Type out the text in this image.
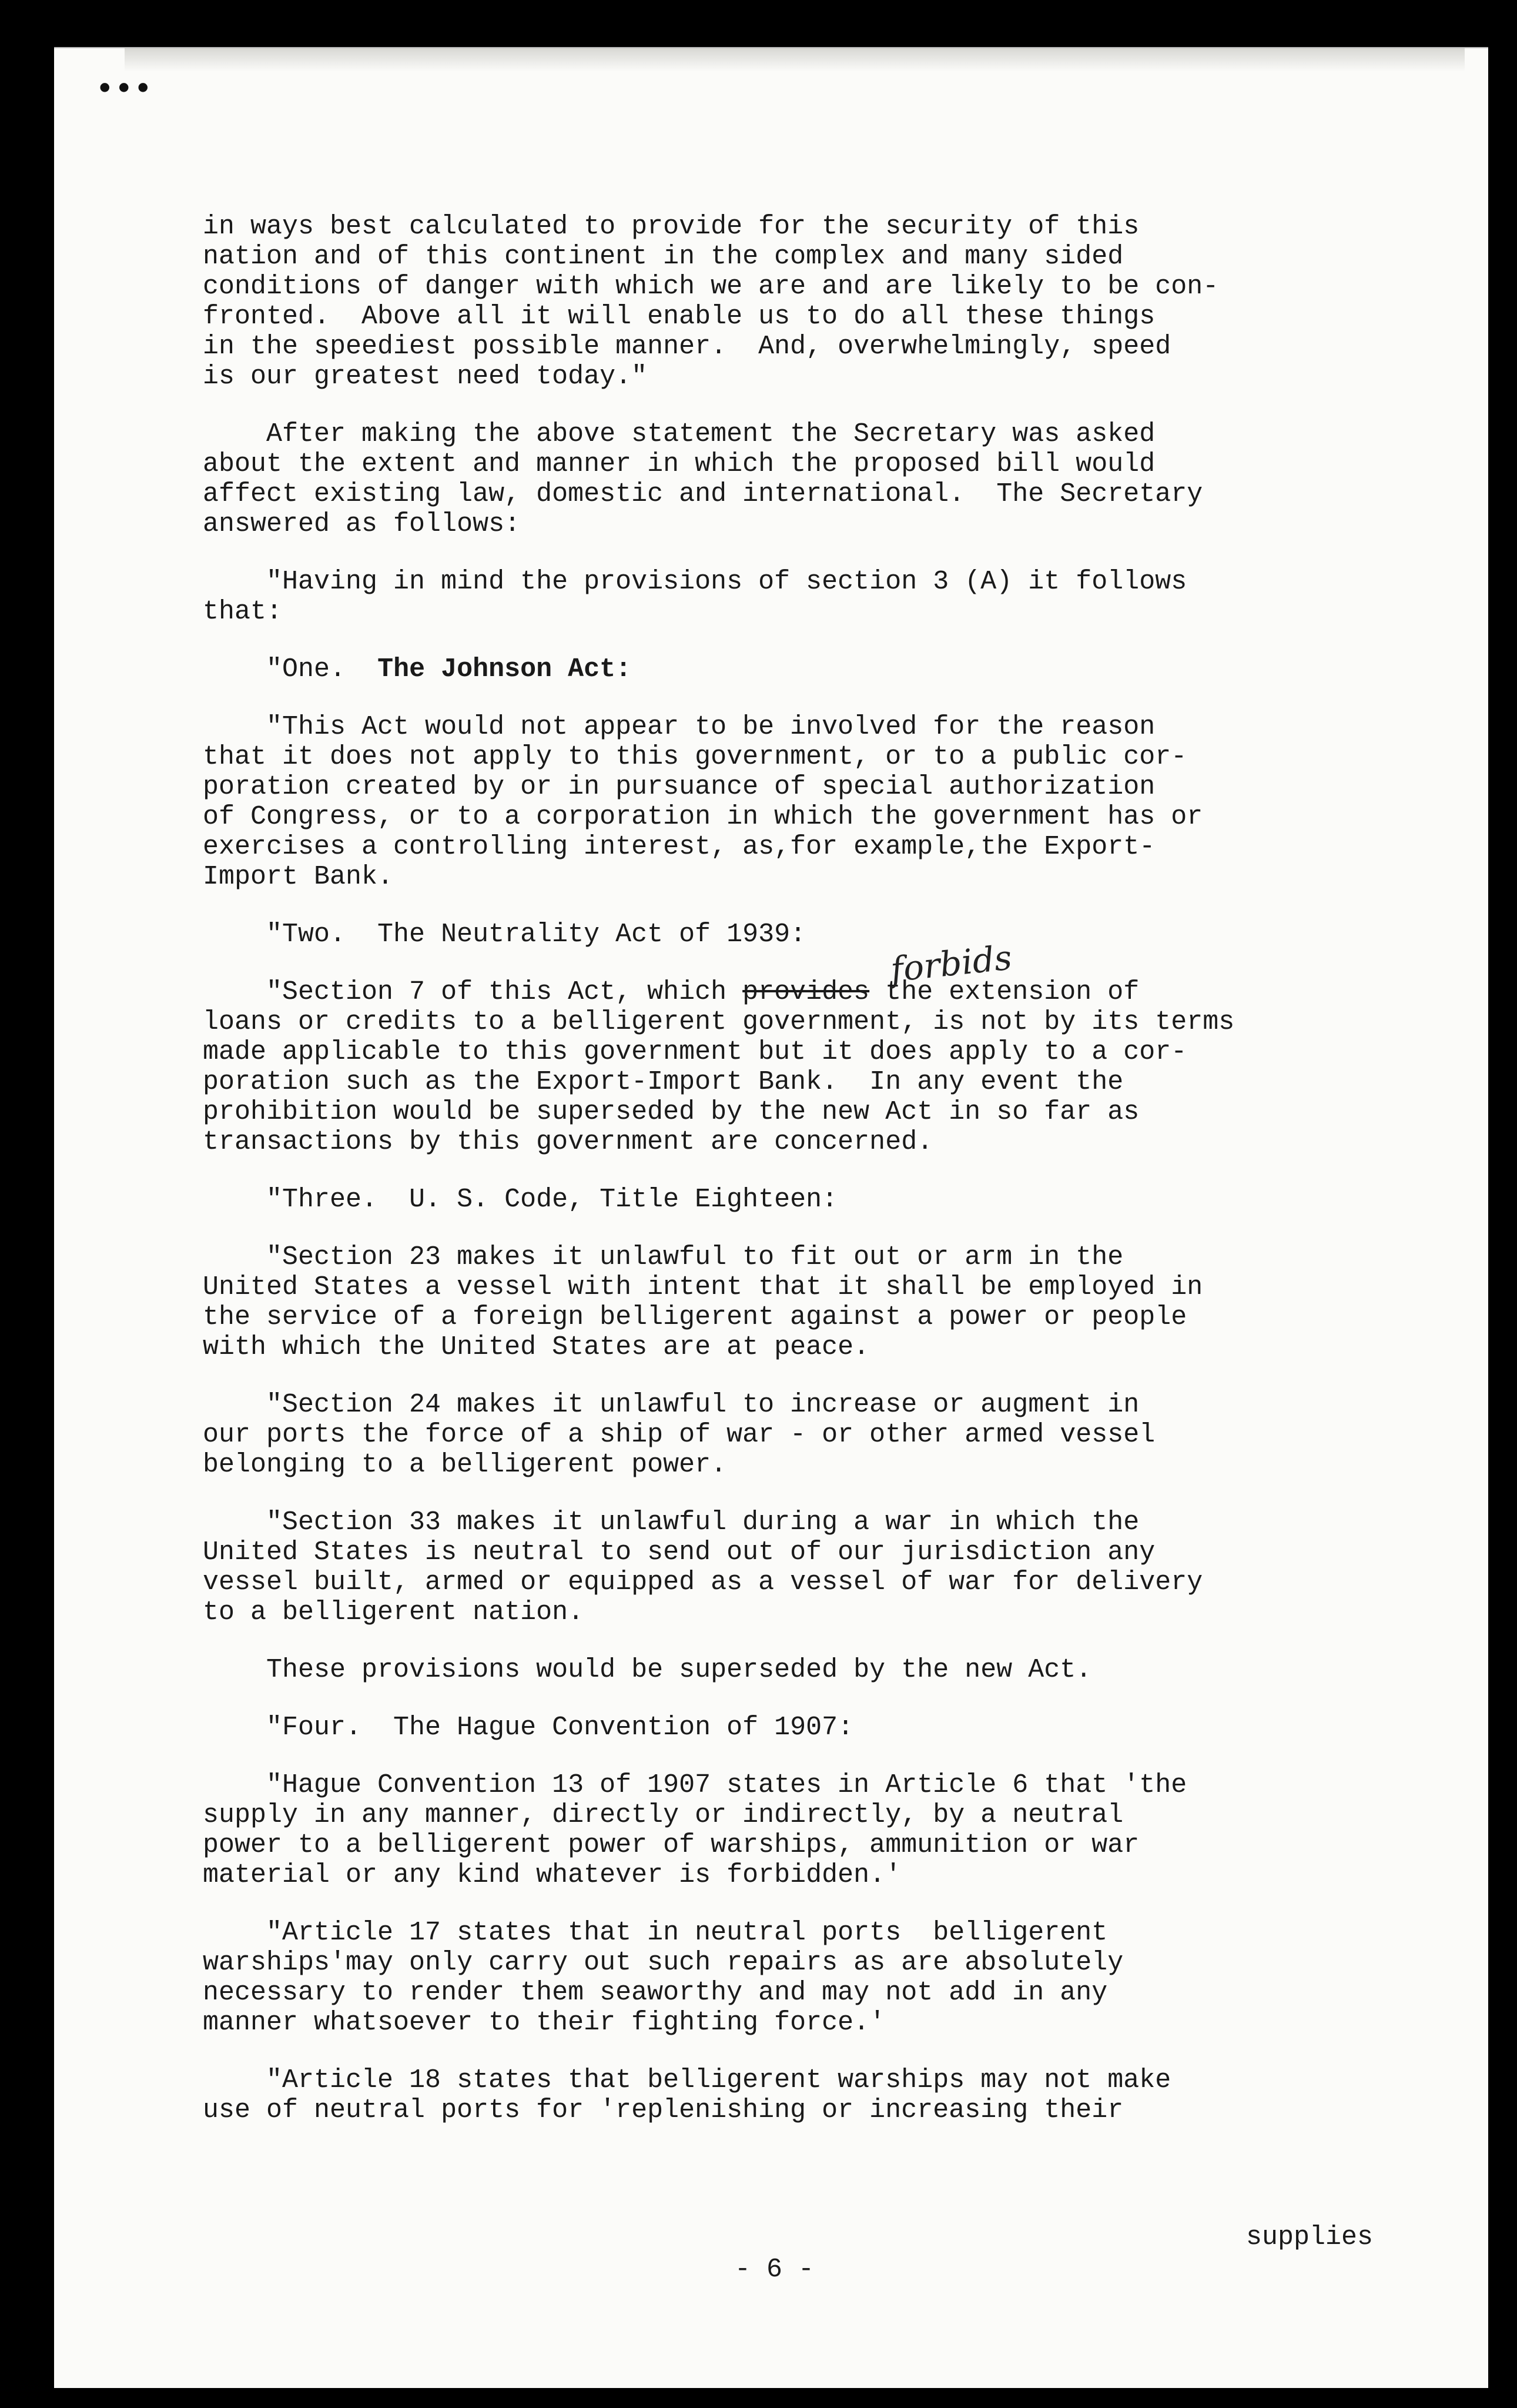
•••

in ways best calculated to provide for the security of this
nation and of this continent in the complex and many sided
conditions of danger with which we are and are likely to be con-
fronted.  Above all it will enable us to do all these things
in the speediest possible manner.  And, overwhelmingly, speed
is our greatest need today."

After making the above statement the Secretary was asked
about the extent and manner in which the proposed bill would
affect existing law, domestic and international.  The Secretary
answered as follows:

"Having in mind the provisions of section 3 (A) it follows
that:

"One.  The Johnson Act:

"This Act would not appear to be involved for the reason
that it does not apply to this government, or to a public cor-
poration created by or in pursuance of special authorization
of Congress, or to a corporation in which the government has or
exercises a controlling interest, as,for example,the Export-
Import Bank.

"Two.  The Neutrality Act of 1939:

"Section 7 of this Act, which provides the extension of
loans or credits to a belligerent government, is not by its terms
made applicable to this government but it does apply to a cor-
poration such as the Export-Import Bank.  In any event the
prohibition would be superseded by the new Act in so far as
transactions by this government are concerned.

"Three.  U. S. Code, Title Eighteen:

"Section 23 makes it unlawful to fit out or arm in the
United States a vessel with intent that it shall be employed in
the service of a foreign belligerent against a power or people
with which the United States are at peace.

"Section 24 makes it unlawful to increase or augment in
our ports the force of a ship of war - or other armed vessel
belonging to a belligerent power.

"Section 33 makes it unlawful during a war in which the
United States is neutral to send out of our jurisdiction any
vessel built, armed or equipped as a vessel of war for delivery
to a belligerent nation.

These provisions would be superseded by the new Act.

"Four.  The Hague Convention of 1907:

"Hague Convention 13 of 1907 states in Article 6 that 'the
supply in any manner, directly or indirectly, by a neutral
power to a belligerent power of warships, ammunition or war
material or any kind whatever is forbidden.'

"Article 17 states that in neutral ports  belligerent
warships'may only carry out such repairs as are absolutely
necessary to render them seaworthy and may not add in any
manner whatsoever to their fighting force.'

"Article 18 states that belligerent warships may not make
use of neutral ports for 'replenishing or increasing their

forbids
supplies
- 6 -
